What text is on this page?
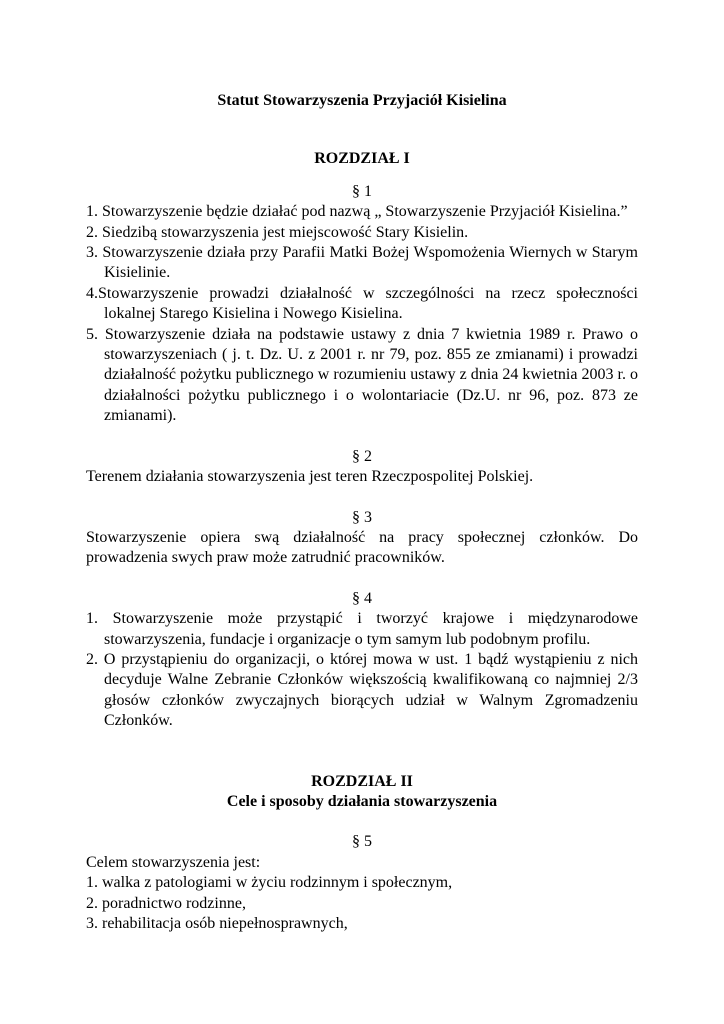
Statut Stowarzyszenia Przyjaciół Kisielina
ROZDZIAŁ I
§ 1
1. Stowarzyszenie będzie działać pod nazwą „ Stowarzyszenie Przyjaciół Kisielina.”
2. Siedzibą stowarzyszenia jest miejscowość Stary Kisielin.
3. Stowarzyszenie działa przy Parafii Matki Bożej Wspomożenia Wiernych w Starym Kisielinie.
4.Stowarzyszenie prowadzi działalność w szczególności na rzecz społeczności lokalnej Starego Kisielina i Nowego Kisielina.
5. Stowarzyszenie działa na podstawie ustawy z dnia 7 kwietnia 1989 r. Prawo o stowarzyszeniach ( j. t. Dz. U. z 2001 r. nr 79, poz. 855 ze zmianami) i prowadzi działalność pożytku publicznego w rozumieniu ustawy z dnia 24 kwietnia 2003 r. o działalności pożytku publicznego i o wolontariacie (Dz.U. nr 96, poz. 873 ze zmianami).
§ 2
Terenem działania stowarzyszenia jest teren Rzeczpospolitej Polskiej.
§ 3
Stowarzyszenie opiera swą działalność na pracy społecznej członków. Do prowadzenia swych praw może zatrudnić pracowników.
§ 4
1. Stowarzyszenie może przystąpić i tworzyć krajowe i międzynarodowe stowarzyszenia, fundacje i organizacje o tym samym lub podobnym profilu.
2. O przystąpieniu do organizacji, o której mowa w ust. 1 bądź wystąpieniu z nich decyduje Walne Zebranie Członków większością kwalifikowaną co najmniej 2/3 głosów członków zwyczajnych biorących udział w Walnym Zgromadzeniu Członków.
ROZDZIAŁ II
Cele i sposoby działania stowarzyszenia
§ 5
Celem stowarzyszenia jest:
1. walka z patologiami w życiu rodzinnym i społecznym,
2. poradnictwo rodzinne,
3. rehabilitacja osób niepełnosprawnych,
